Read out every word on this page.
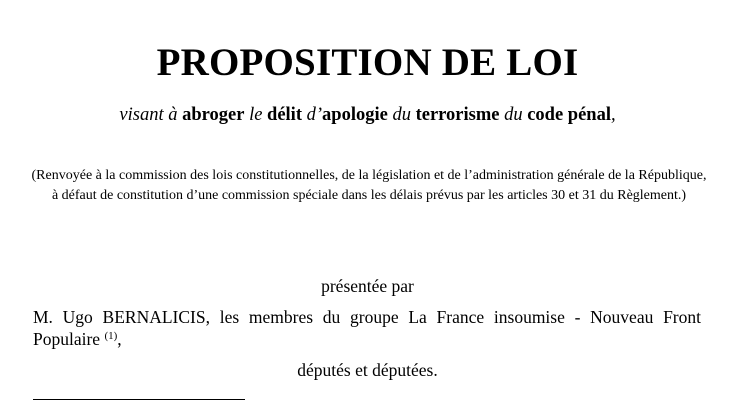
PROPOSITION DE LOI
visant à abroger le délit d’apologie du terrorisme du code pénal,
(Renvoyée à la commission des lois constitutionnelles, de la législation et de l’administration générale de la République, à défaut de constitution d’une commission spéciale dans les délais prévus par les articles 30 et 31 du Règlement.)
présentée par
M. Ugo BERNALICIS, les membres du groupe La France insoumise - Nouveau Front Populaire $^{(1)}$,
députés et députées.
